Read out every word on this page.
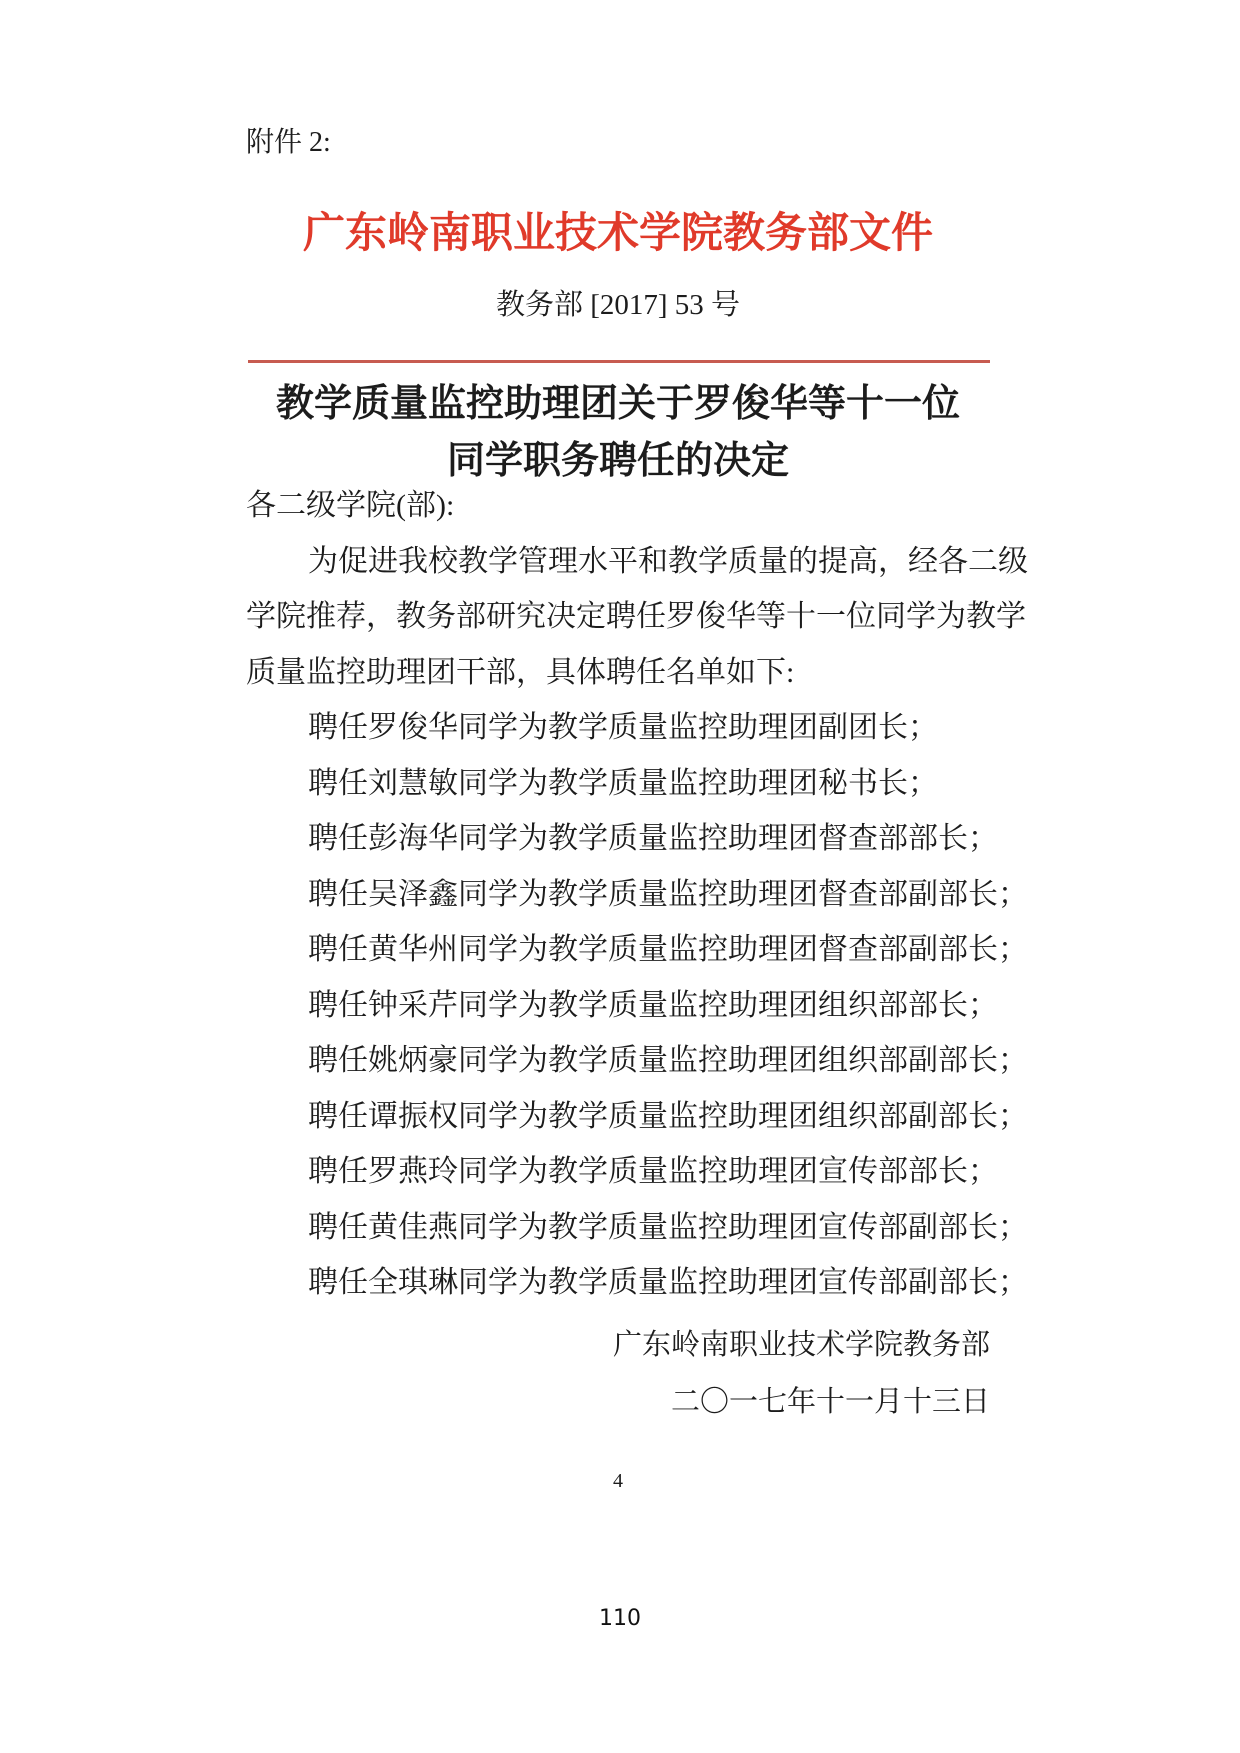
附件 2:
广东岭南职业技术学院教务部文件
教务部 [2017] 53 号
教学质量监控助理团关于罗俊华等十一位
同学职务聘任的决定
各二级学院(部):
为促进我校教学管理水平和教学质量的提高，经各二级
学院推荐，教务部研究决定聘任罗俊华等十一位同学为教学
质量监控助理团干部，具体聘任名单如下:
聘任罗俊华同学为教学质量监控助理团副团长；
聘任刘慧敏同学为教学质量监控助理团秘书长；
聘任彭海华同学为教学质量监控助理团督查部部长；
聘任吴泽鑫同学为教学质量监控助理团督查部副部长；
聘任黄华州同学为教学质量监控助理团督查部副部长；
聘任钟采芹同学为教学质量监控助理团组织部部长；
聘任姚炳豪同学为教学质量监控助理团组织部副部长；
聘任谭振权同学为教学质量监控助理团组织部副部长；
聘任罗燕玲同学为教学质量监控助理团宣传部部长；
聘任黄佳燕同学为教学质量监控助理团宣传部副部长；
聘任全琪琳同学为教学质量监控助理团宣传部副部长；
广东岭南职业技术学院教务部
二〇一七年十一月十三日
4
110
